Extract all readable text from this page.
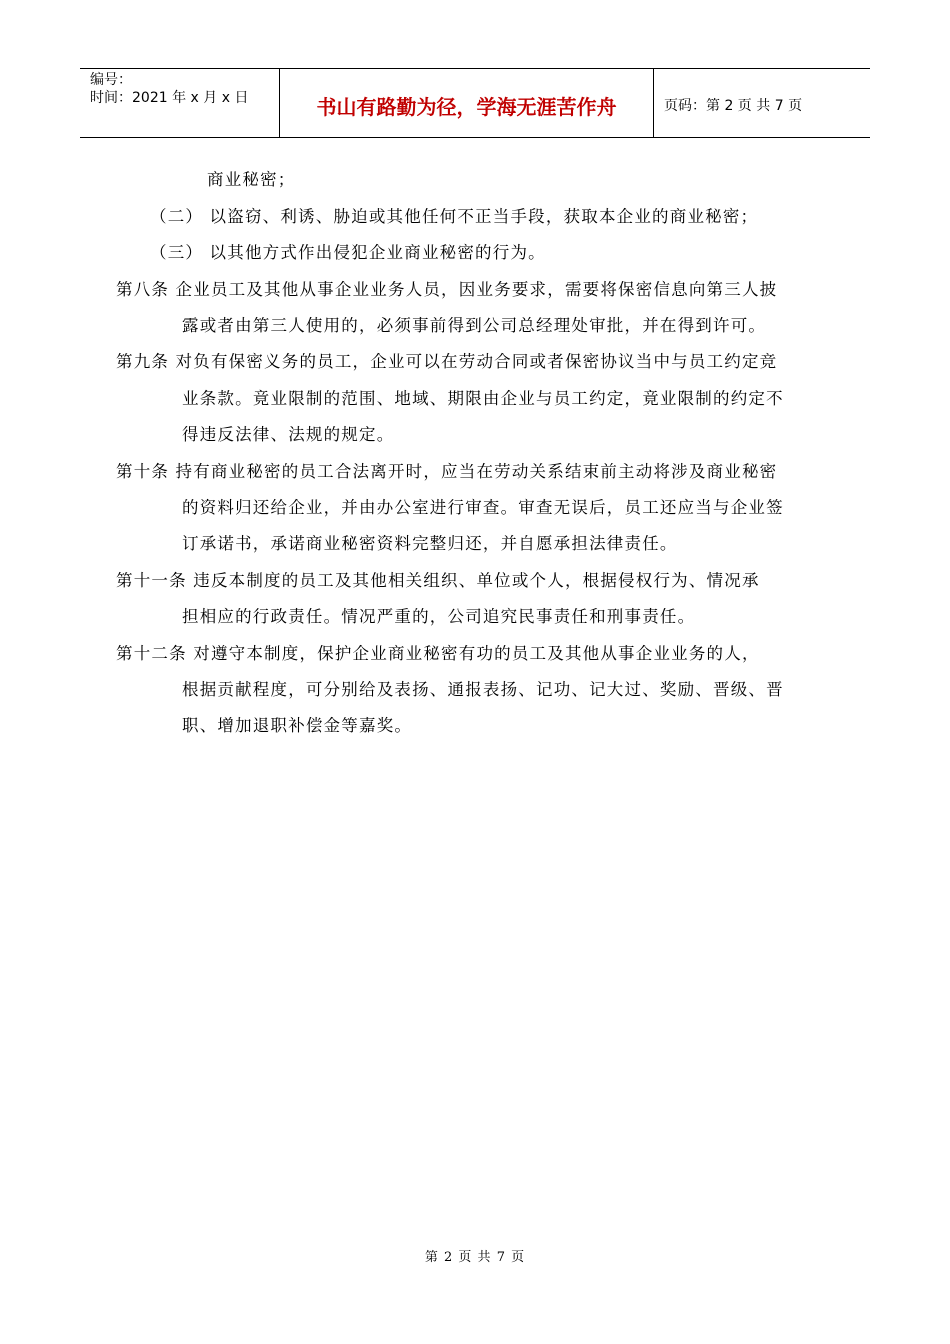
编号：
时间：2021 年 x 月 x 日	书山有路勤为径，学海无涯苦作舟	页码：第 2 页 共 7 页
商业秘密；
（二） 以盗窃、利诱、胁迫或其他任何不正当手段，获取本企业的商业秘密；
（三） 以其他方式作出侵犯企业商业秘密的行为。
第八条 企业员工及其他从事企业业务人员，因业务要求，需要将保密信息向第三人披
露或者由第三人使用的，必须事前得到公司总经理处审批，并在得到许可。
第九条 对负有保密义务的员工，企业可以在劳动合同或者保密协议当中与员工约定竞
业条款。竟业限制的范围、地域、期限由企业与员工约定，竟业限制的约定不
得违反法律、法规的规定。
第十条 持有商业秘密的员工合法离开时，应当在劳动关系结束前主动将涉及商业秘密
的资料归还给企业，并由办公室进行审查。审查无误后，员工还应当与企业签
订承诺书，承诺商业秘密资料完整归还，并自愿承担法律责任。
第十一条 违反本制度的员工及其他相关组织、单位或个人，根据侵权行为、情况承
担相应的行政责任。情况严重的，公司追究民事责任和刑事责任。
第十二条 对遵守本制度，保护企业商业秘密有功的员工及其他从事企业业务的人，
根据贡献程度，可分别给及表扬、通报表扬、记功、记大过、奖励、晋级、晋
职、增加退职补偿金等嘉奖。
第 2 页 共 7 页
